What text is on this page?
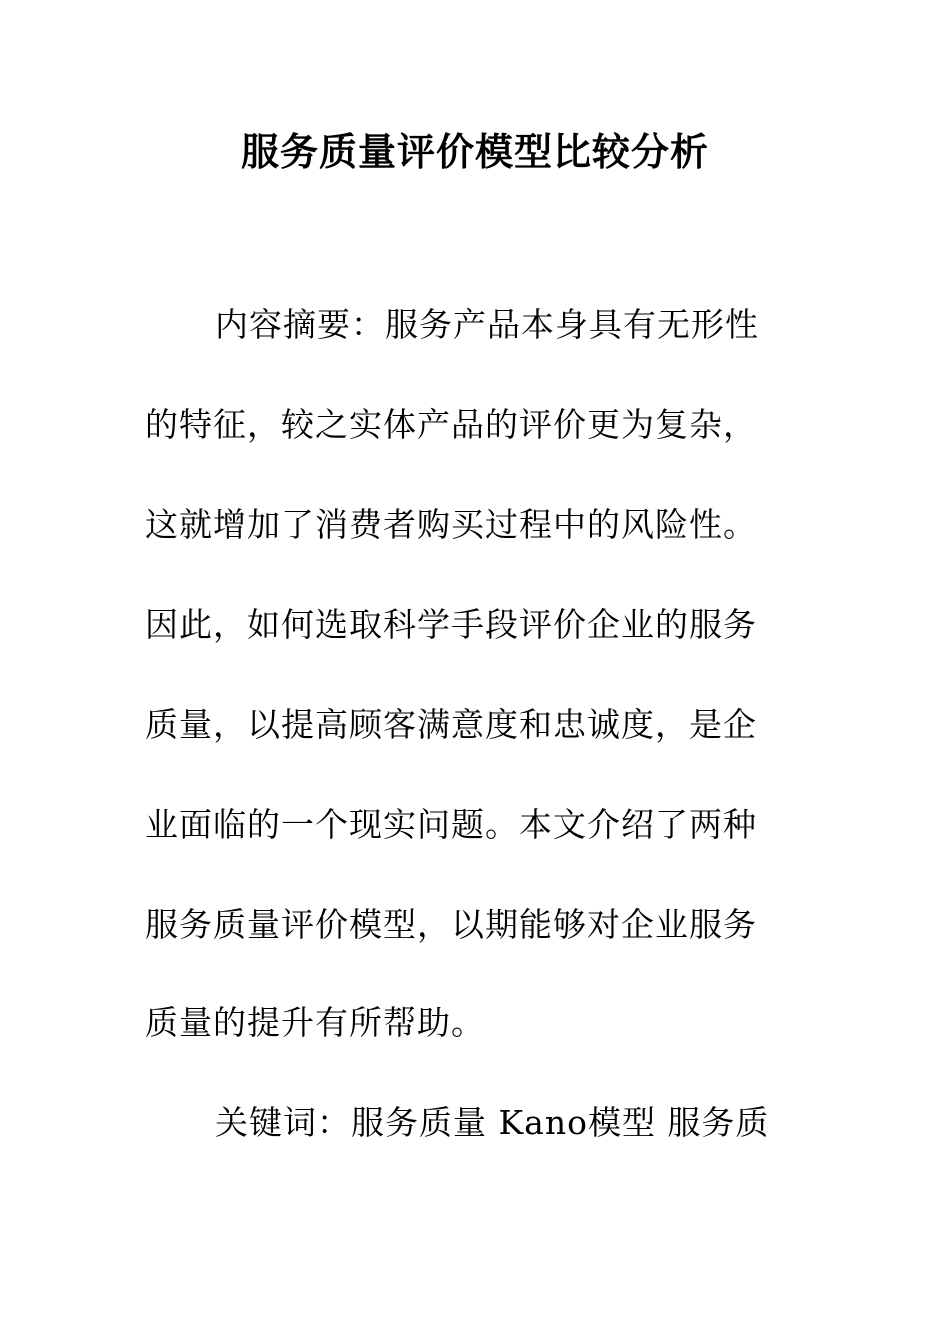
服务质量评价模型比较分析
内容摘要：服务产品本身具有无形性
的特征，较之实体产品的评价更为复杂，
这就增加了消费者购买过程中的风险性。
因此，如何选取科学手段评价企业的服务
质量，以提高顾客满意度和忠诚度，是企
业面临的一个现实问题。本文介绍了两种
服务质量评价模型，以期能够对企业服务
质量的提升有所帮助。
关键词：服务质量 Kano模型 服务质
